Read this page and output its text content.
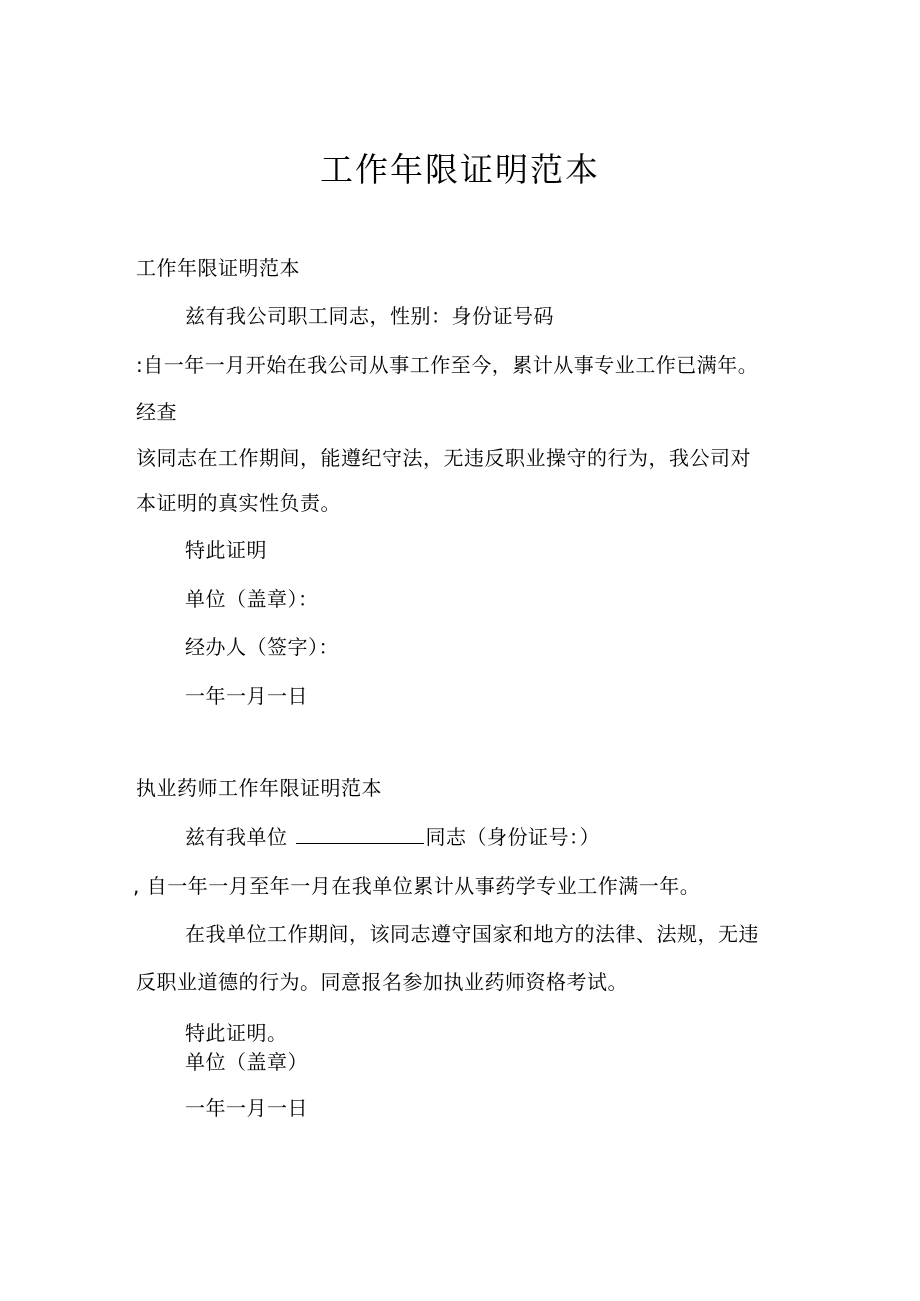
工作年限证明范本
工作年限证明范本
兹有我公司职工同志，性别：身份证号码
:自一年一月开始在我公司从事工作至今，累计从事专业工作已满年。
经查
该同志在工作期间，能遵纪守法，无违反职业操守的行为，我公司对
本证明的真实性负责。
特此证明
单位（盖章）：
经办人（签字）：
一年一月一日
执业药师工作年限证明范本
兹有我单位	同志（身份证号：）
, 自一年一月至年一月在我单位累计从事药学专业工作满一年。
在我单位工作期间，该同志遵守国家和地方的法律、法规，无违
反职业道德的行为。同意报名参加执业药师资格考试。
特此证明。
单位（盖章）
一年一月一日
